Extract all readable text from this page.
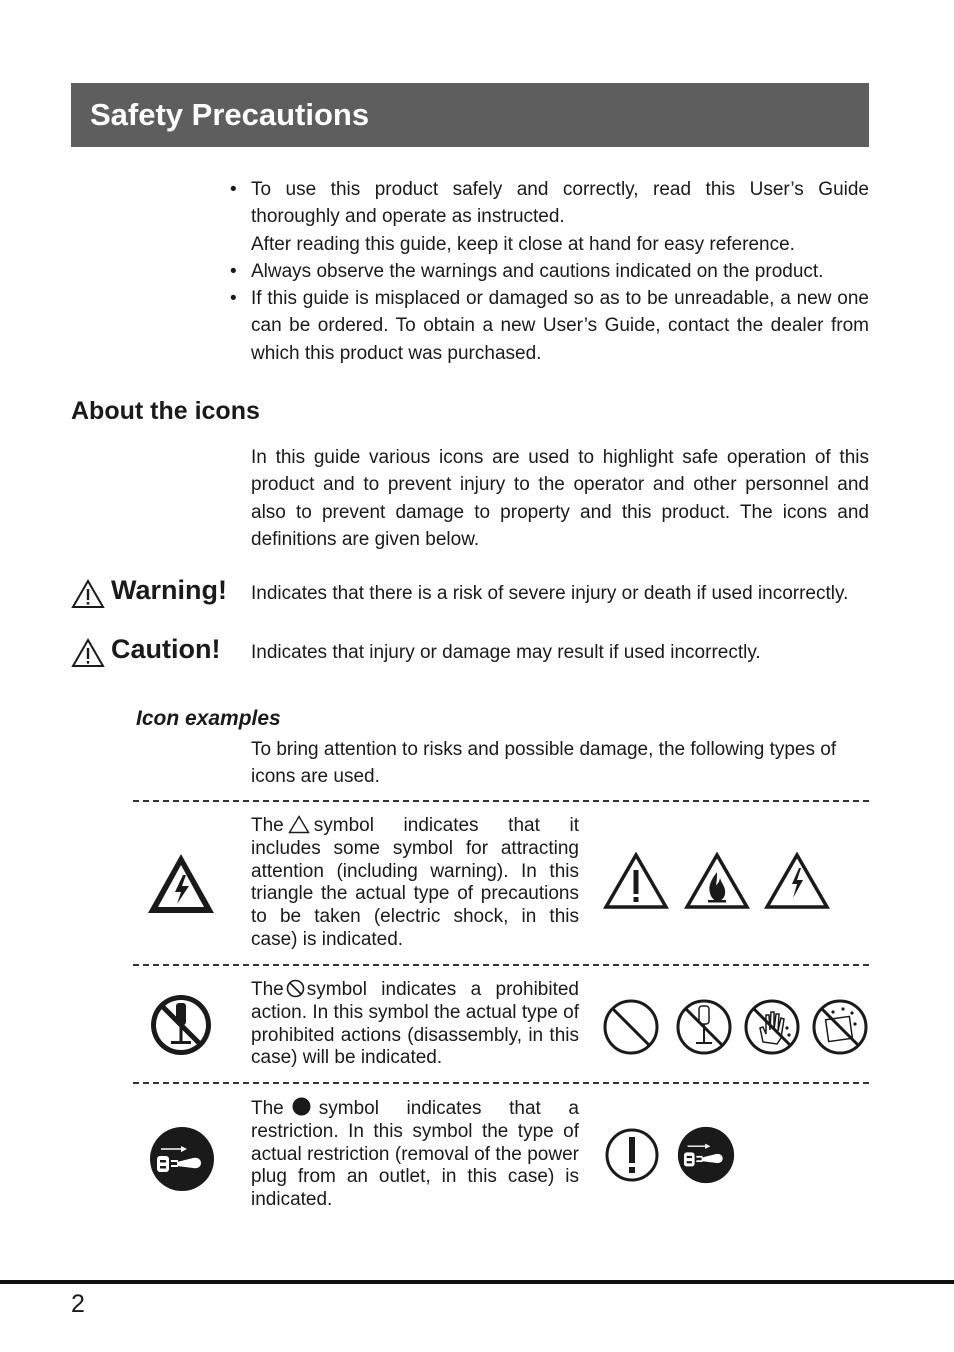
Safety Precautions
• To use this product safely and correctly, read this User’s Guide thoroughly and operate as instructed.
After reading this guide, keep it close at hand for easy reference.
• Always observe the warnings and cautions indicated on the product.
• If this guide is misplaced or damaged so as to be unreadable, a new one can be ordered. To obtain a new User’s Guide, contact the dealer from which this product was purchased.
About the icons

In this guide various icons are used to highlight safe operation of this product and to prevent injury to the operator and other personnel and also to prevent damage to property and this product. The icons and definitions are given below.

Warning! Indicates that there is a risk of severe injury or death if used incorrectly.
Caution! Indicates that injury or damage may result if used incorrectly.
Icon examples

To bring attention to risks and possible damage, the following types of icons are used.

The symbol indicates that it includes some symbol for attracting attention (including warning). In this triangle the actual type of precautions to be taken (electric shock, in this case) is indicated.
The symbol indicates a prohibited action. In this symbol the actual type of prohibited actions (disassembly, in this case) will be indicated.
The symbol indicates that a restriction. In this symbol the type of actual restriction (removal of the power plug from an outlet, in this case) is indicated.
2
